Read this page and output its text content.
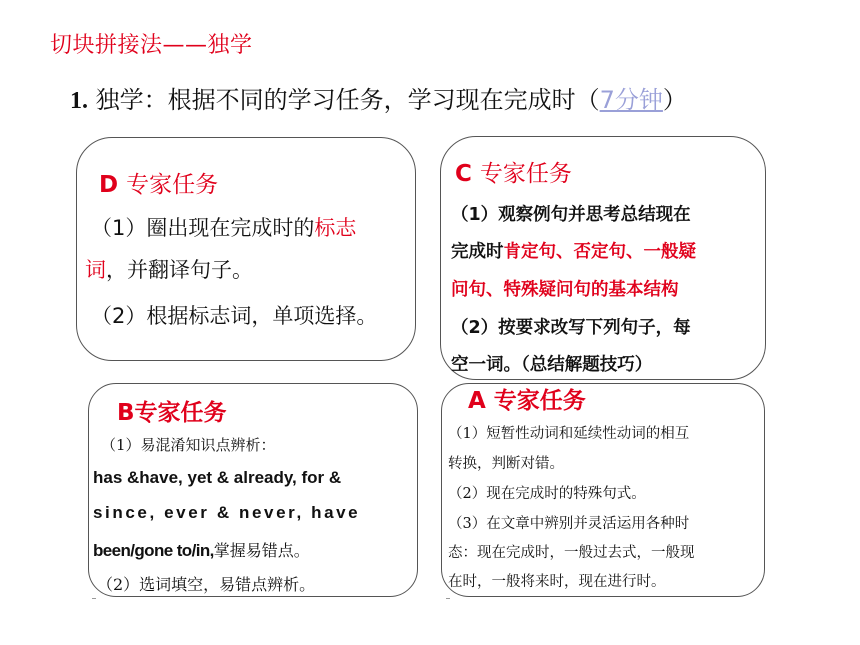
切块拼接法——独学
1. 独学：根据不同的学习任务，学习现在完成时（7分钟）
D 专家任务
（1）圈出现在完成时的标志
词，并翻译句子。
（2）根据标志词，单项选择。
C 专家任务
（1）观察例句并思考总结现在
完成时肯定句、否定句、一般疑
问句、特殊疑问句的基本结构
（2）按要求改写下列句子，每
空一词。（总结解题技巧）
B专家任务
（1）易混淆知识点辨析：
has &have, yet & already, for &
since, ever & never, have
been/gone to/in,掌握易错点。
（2）选词填空，易错点辨析。
A 专家任务
（1）短暂性动词和延续性动词的相互
转换，判断对错。
（2）现在完成时的特殊句式。
（3）在文章中辨别并灵活运用各种时
态：现在完成时，一般过去式，一般现
在时，一般将来时，现在进行时。
